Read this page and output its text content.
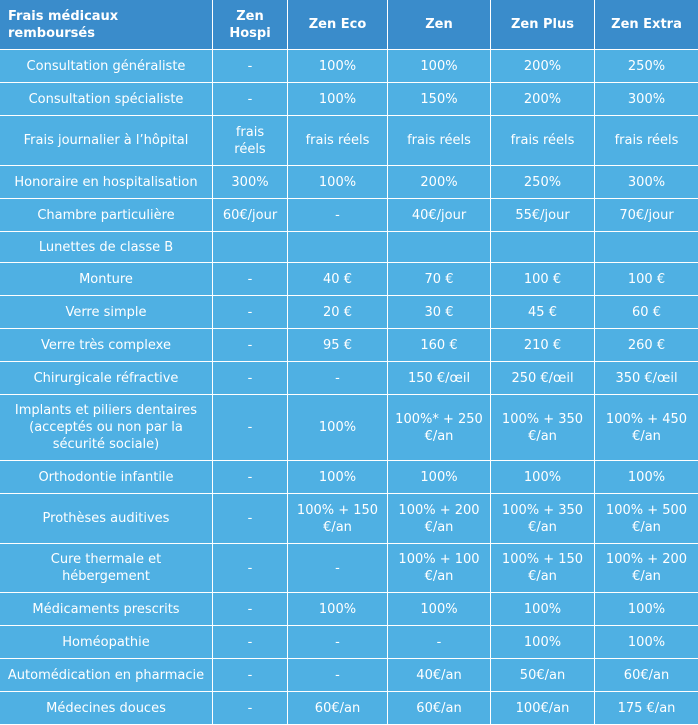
Frais médicaux remboursés	Zen Hospi	Zen Eco	Zen	Zen Plus	Zen Extra
Consultation généraliste	-	100%	100%	200%	250%
Consultation spécialiste	-	100%	150%	200%	300%
Frais journalier à l’hôpital	frais réels	frais réels	frais réels	frais réels	frais réels
Honoraire en hospitalisation	300%	100%	200%	250%	300%
Chambre particulière	60€/jour	-	40€/jour	55€/jour	70€/jour
Lunettes de classe B					
Monture	-	40 €	70 €	100 €	100 €
Verre simple	-	20 €	30 €	45 €	60 €
Verre très complexe	-	95 €	160 €	210 €	260 €
Chirurgicale réfractive	-	-	150 €/œil	250 €/œil	350 €/œil
Implants et piliers dentaires (acceptés ou non par la sécurité sociale)	-	100%	100%* + 250 €/an	100% + 350 €/an	100% + 450 €/an
Orthodontie infantile	-	100%	100%	100%	100%
Prothèses auditives	-	100% + 150 €/an	100% + 200 €/an	100% + 350 €/an	100% + 500 €/an
Cure thermale et hébergement	-	-	100% + 100 €/an	100% + 150 €/an	100% + 200 €/an
Médicaments prescrits	-	100%	100%	100%	100%
Homéopathie	-	-	-	100%	100%
Automédication en pharmacie	-	-	40€/an	50€/an	60€/an
Médecines douces	-	60€/an	60€/an	100€/an	175 €/an
